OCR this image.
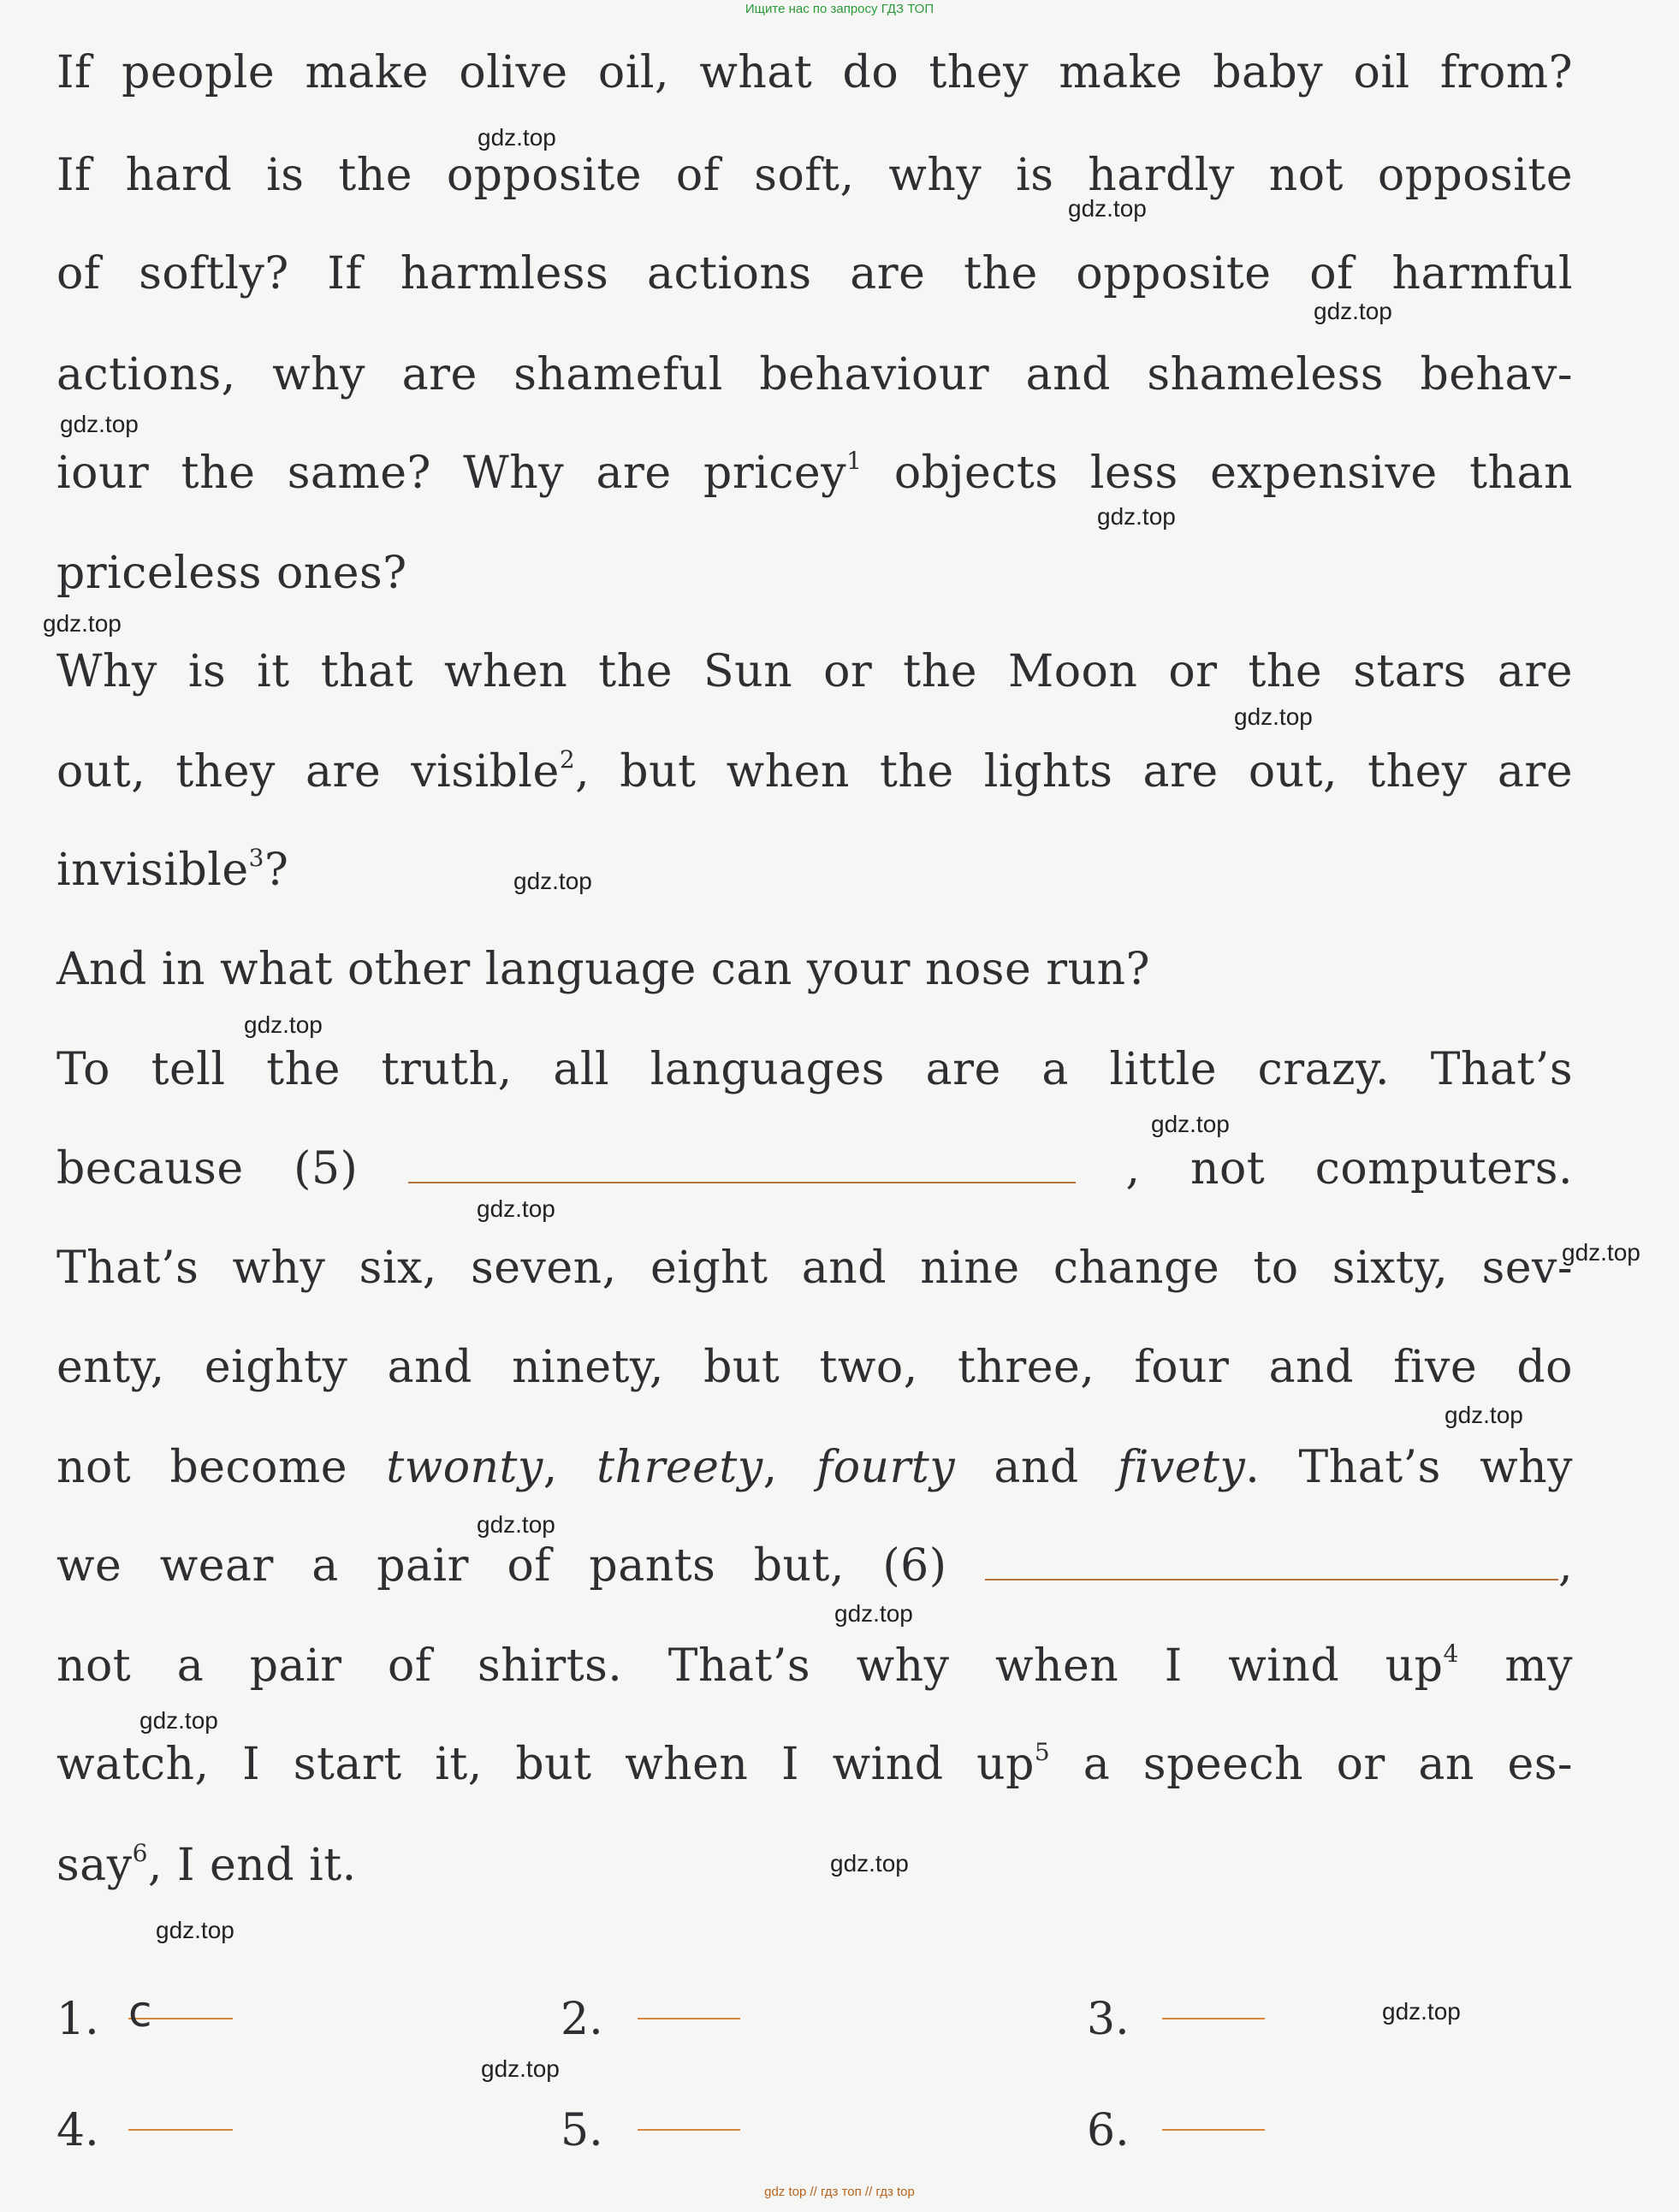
Ищите нас по запросу ГДЗ ТОП
If people make olive oil, what do they make baby oil from?
If hard is the opposite of soft, why is hardly not opposite
of softly? If harmless actions are the opposite of harmful
actions, why are shameful behaviour and shameless behav-
iour the same? Why are pricey$^1$ objects less expensive than
priceless ones?
Why is it that when the Sun or the Moon or the stars are
out, they are visible$^2$, but when the lights are out, they are
invisible$^3$?
And in what other language can your nose run?
To tell the truth, all languages are a little crazy. That’s
because (5)	, not computers.
That’s why six, seven, eight and nine change to sixty, sev-
enty, eighty and ninety, but two, three, four and five do
not become twonty, threety, fourty and fivety. That’s why
we wear a pair of pants but, (6)	,
not a pair of shirts. That’s why when I wind $up^4$ my
watch, I start it, but when I wind $up^5$ a speech or an es-
say$^6$, I end it.
1. c	2.	3.
4.	5.	6.
gdz.top
gdz.top
gdz.top
gdz.top
gdz.top
gdz.top
gdz.top
gdz.top
gdz.top
gdz.top
gdz.top
gdz.top
gdz.top
gdz.top
gdz.top
gdz.top
gdz.top
gdz.top
gdz.top
gdz.top
gdz top // гдз топ // гдз top
